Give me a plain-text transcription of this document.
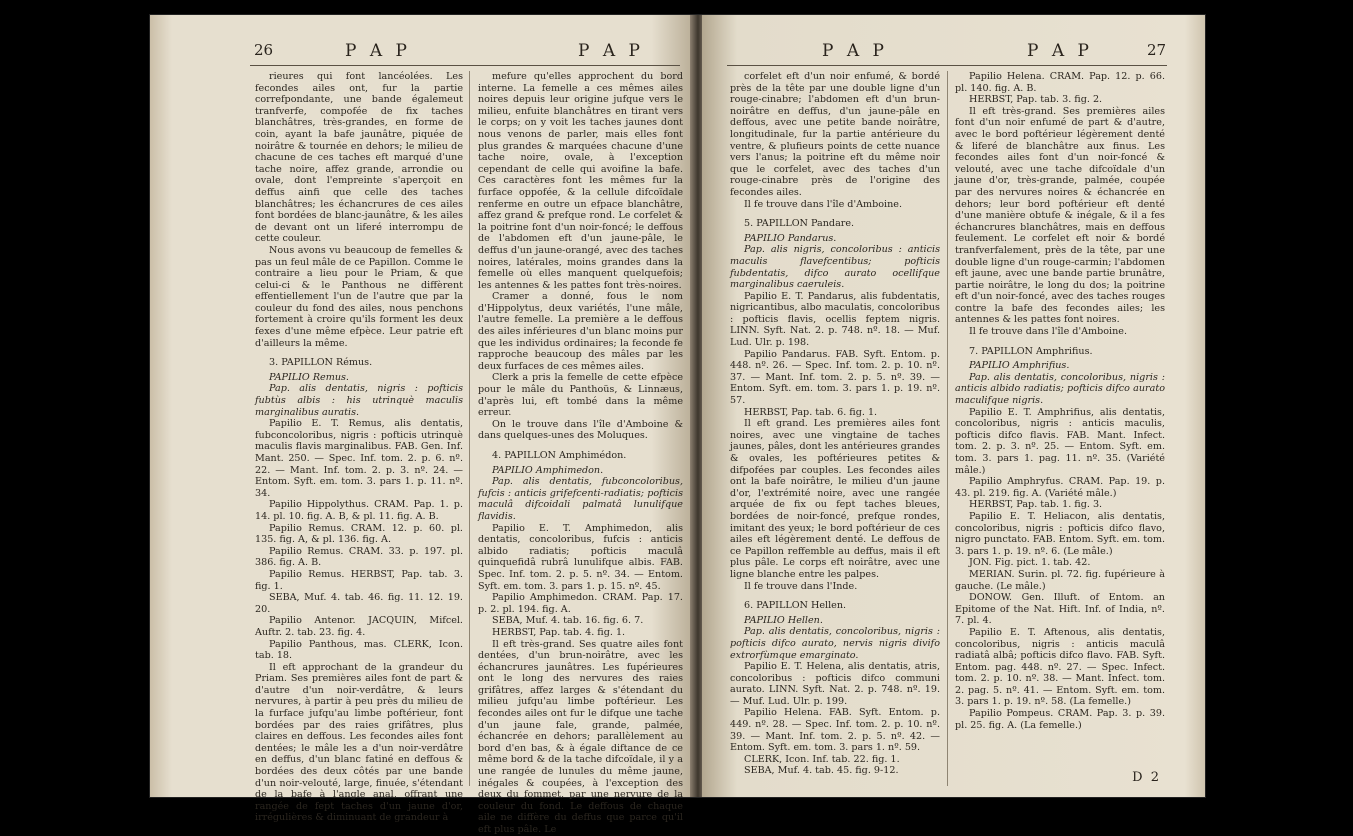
26	P A P	P A P

rieures qui font lancéolées. Les fecondes ailes ont, fur la partie correfpondante, une bande égalemeut tranfverfe, compofée de fix taches blanchâtres, très-grandes, en forme de coin, ayant la bafe jaunâtre, piquée de noirâtre & tournée en dehors; le milieu de chacune de ces taches eft marqué d'une tache noire, affez grande, arrondie ou ovale, dont l'empreinte s'aperçoit en deffus ainfi que celle des taches blanchâtres; les échancrures de ces ailes font bordées de blanc-jaunâtre, & les ailes de devant ont un liferé interrompu de cette couleur.

Nous avons vu beaucoup de femelles & pas un feul mâle de ce Papillon. Comme le contraire a lieu pour le Priam, & que celui-ci & le Panthous ne diffèrent effentiellement l'un de l'autre que par la couleur du fond des ailes, nous penchons fortement à croire qu'ils forment les deux fexes d'une même efpèce. Leur patrie eft d'ailleurs la même.

3. PAPILLON Rémus.

PAPILIO Remus.

Pap. alis dentatis, nigris : pofticis fubtùs albis : his utrinquè maculis marginalibus auratis.

Papilio E. T. Remus, alis dentatis, fubconcoloribus, nigris : pofticis utrinquè maculis flavis marginalibus. FAB. Gen. Inf. Mant. 250. — Spec. Inf. tom. 2. p. 6. nº. 22. — Mant. Inf. tom. 2. p. 3. nº. 24. — Entom. Syft. em. tom. 3. pars 1. p. 11. nº. 34.

Papilio Hippolythus. CRAM. Pap. 1. p. 14. pl. 10. fig. A. B, & pl. 11. fig. A. B.

Papilio Remus. CRAM. 12. p. 60. pl. 135. fig. A, & pl. 136. fig. A.

Papilio Remus. CRAM. 33. p. 197. pl. 386. fig. A. B.

Papilio Remus. HERBST, Pap. tab. 3. fig. 1.

SEBA, Muf. 4. tab. 46. fig. 11. 12. 19. 20.

Papilio Antenor. JACQUIN, Mifcel. Auftr. 2. tab. 23. fig. 4.

Papilio Panthous, mas. CLERK, Icon. tab. 18.

Il eft approchant de la grandeur du Priam. Ses premières ailes font de part & d'autre d'un noir-verdâtre, & leurs nervures, à partir à peu près du milieu de la furface jufqu'au limbe poftérieur, font bordées par des raies grifâtres, plus claires en deffous. Les fecondes ailes font dentées; le mâle les a d'un noir-verdâtre en deffus, d'un blanc fatiné en deffous & bordées des deux côtés par une bande d'un noir-velouté, large, finuée, s'étendant de la bafe à l'angle anal, offrant une rangée de fept taches d'un jaune d'or, irrégulières & diminuant de grandeur à

mefure qu'elles approchent du bord interne. La femelle a ces mêmes ailes noires depuis leur origine jufque vers le milieu, enfuite blanchâtres en tirant vers le corps; on y voit les taches jaunes dont nous venons de parler, mais elles font plus grandes & marquées chacune d'une tache noire, ovale, à l'exception cependant de celle qui avoifine la bafe. Ces caractères font les mêmes fur la furface oppofée, & la cellule difcoïdale renferme en outre un efpace blanchâtre, affez grand & prefque rond. Le corfelet & la poitrine font d'un noir-foncé; le deffous de l'abdomen eft d'un jaune-pâle, le deffus d'un jaune-orangé, avec des taches noires, latérales, moins grandes dans la femelle où elles manquent quelquefois; les antennes & les pattes font très-noires.

Cramer a donné, fous le nom d'Hippolytus, deux variétés, l'une mâle, l'autre femelle. La première a le deffous des ailes inférieures d'un blanc moins pur que les individus ordinaires; la feconde fe rapproche beaucoup des mâles par les deux furfaces de ces mêmes ailes.

Clerk a pris la femelle de cette efpèce pour le mâle du Panthoüs, & Linnæus, d'après lui, eft tombé dans la même erreur.

On le trouve dans l'île d'Amboine & dans quelques-unes des Moluques.

4. PAPILLON Amphimédon.

PAPILIO Amphimedon.

Pap. alis dentatis, fubconcoloribus, fufcis : anticis grifefcenti-radiatis; pofticis maculâ difcoidali palmatâ lunulifque flavidis.

Papilio E. T. Amphimedon, alis dentatis, concoloribus, fufcis : anticis albido radiatis; pofticis maculâ quinquefidâ rubrâ lunulifque albis. FAB. Spec. Inf. tom. 2. p. 5. nº. 34. — Entom. Syft. em. tom. 3. pars 1. p. 15. nº. 45.

Papilio Amphimedon. CRAM. Pap. 17. p. 2. pl. 194. fig. A.

SEBA, Muf. 4. tab. 16. fig. 6. 7.

HERBST, Pap. tab. 4. fig. 1.

Il eft très-grand. Ses quatre ailes font dentées, d'un brun-noirâtre, avec les échancrures jaunâtres. Les fupérieures ont le long des nervures des raies grifâtres, affez larges & s'étendant du milieu jufqu'au limbe poftérieur. Les fecondes ailes ont fur le difque une tache d'un jaune fale, grande, palmée, échancrée en dehors; parallèlement au bord d'en bas, & à égale diftance de ce même bord & de la tache difcoïdale, il y a une rangée de lunules du même jaune, inégales & coupées, à l'exception des deux du fommet, par une nervure de la couleur du fond. Le deffous de chaque aile ne diffère du deffus que parce qu'il eft plus pâle. Le

P A P	P A P	27

corfelet eft d'un noir enfumé, & bordé près de la tête par une double ligne d'un rouge-cinabre; l'abdomen eft d'un brun-noirâtre en deffus, d'un jaune-pâle en deffous, avec une petite bande noirâtre, longitudinale, fur la partie antérieure du ventre, & plufieurs points de cette nuance vers l'anus; la poitrine eft du même noir que le corfelet, avec des taches d'un rouge-cinabre près de l'origine des fecondes ailes.

Il fe trouve dans l'île d'Amboine.

5. PAPILLON Pandare.

PAPILIO Pandarus.

Pap. alis nigris, concoloribus : anticis maculis flavefcentibus; pofticis fubdentatis, difco aurato ocellifque marginalibus caeruleis.

Papilio E. T. Pandarus, alis fubdentatis, nigricantibus, albo maculatis, concoloribus : pofticis flavis, ocellis feptem nigris. LINN. Syft. Nat. 2. p. 748. nº. 18. — Muf. Lud. Ulr. p. 198.

Papilio Pandarus. FAB. Syft. Entom. p. 448. nº. 26. — Spec. Inf. tom. 2. p. 10. nº. 37. — Mant. Inf. tom. 2. p. 5. nº. 39. — Entom. Syft. em. tom. 3. pars 1. p. 19. nº. 57.

HERBST, Pap. tab. 6. fig. 1.

Il eft grand. Les premières ailes font noires, avec une vingtaine de taches jaunes, pâles, dont les antérieures grandes & ovales, les poftérieures petites & difpofées par couples. Les fecondes ailes ont la bafe noirâtre, le milieu d'un jaune d'or, l'extrémité noire, avec une rangée arquée de fix ou fept taches bleues, bordées de noir-foncé, prefque rondes, imitant des yeux; le bord poftérieur de ces ailes eft légèrement denté. Le deffous de ce Papillon reffemble au deffus, mais il eft plus pâle. Le corps eft noirâtre, avec une ligne blanche entre les palpes.

Il fe trouve dans l'Inde.

6. PAPILLON Hellen.

PAPILIO Hellen.

Pap. alis dentatis, concoloribus, nigris : pofticis difco aurato, nervis nigris divifo extrorfùmque emarginato.

Papilio E. T. Helena, alis dentatis, atris, concoloribus : pofticis difco communi aurato. LINN. Syft. Nat. 2. p. 748. nº. 19. — Muf. Lud. Ulr. p. 199.

Papilio Helena. FAB. Syft. Entom. p. 449. nº. 28. — Spec. Inf. tom. 2. p. 10. nº. 39. — Mant. Inf. tom. 2. p. 5. nº. 42. — Entom. Syft. em. tom. 3. pars 1. nº. 59.

CLERK, Icon. Inf. tab. 22. fig. 1.

SEBA, Muf. 4. tab. 45. fig. 9-12.

Papilio Helena. CRAM. Pap. 12. p. 66. pl. 140. fig. A. B.

HERBST, Pap. tab. 3. fig. 2.

Il eft très-grand. Ses premières ailes font d'un noir enfumé de part & d'autre, avec le bord poftérieur légèrement denté & liferé de blanchâtre aux finus. Les fecondes ailes font d'un noir-foncé & velouté, avec une tache difcoïdale d'un jaune d'or, très-grande, palmée, coupée par des nervures noires & échancrée en dehors; leur bord poftérieur eft denté d'une manière obtufe & inégale, & il a fes échancrures blanchâtres, mais en deffous feulement. Le corfelet eft noir & bordé tranfverfalement, près de la tête, par une double ligne d'un rouge-carmin; l'abdomen eft jaune, avec une bande partie brunâtre, partie noirâtre, le long du dos; la poitrine eft d'un noir-foncé, avec des taches rouges contre la bafe des fecondes ailes; les antennes & les pattes font noires.

Il fe trouve dans l'île d'Amboine.

7. PAPILLON Amphrifius.

PAPILIO Amphrifius.

Pap. alis dentatis, concoloribus, nigris : anticis albido radiatis; pofticis difco aurato maculifque nigris.

Papilio E. T. Amphrifius, alis dentatis, concoloribus, nigris : anticis maculis, pofticis difco flavis. FAB. Mant. Infect. tom. 2. p. 3. nº. 25. — Entom. Syft. em. tom. 3. pars 1. pag. 11. nº. 35. (Variété mâle.)

Papilio Amphryfus. CRAM. Pap. 19. p. 43. pl. 219. fig. A. (Variété mâle.)

HERBST, Pap. tab. 1. fig. 3.

Papilio E. T. Heliacon, alis dentatis, concoloribus, nigris : pofticis difco flavo, nigro punctato. FAB. Entom. Syft. em. tom. 3. pars 1. p. 19. nº. 6. (Le mâle.)

JON. Fig. pict. 1. tab. 42.

MERIAN. Surin. pl. 72. fig. fupérieure à gauche. (Le mâle.)

DONOW. Gen. Illuft. of Entom. an Epitome of the Nat. Hift. Inf. of India, nº. 7. pl. 4.

Papilio E. T. Aftenous, alis dentatis, concoloribus, nigris : anticis maculâ radiatâ albâ; pofticis difco flavo. FAB. Syft. Entom. pag. 448. nº. 27. — Spec. Infect. tom. 2. p. 10. nº. 38. — Mant. Infect. tom. 2. pag. 5. nº. 41. — Entom. Syft. em. tom. 3. pars 1. p. 19. nº. 58. (La femelle.)

Papilio Pompeus. CRAM. Pap. 3. p. 39. pl. 25. fig. A. (La femelle.)

D 2
